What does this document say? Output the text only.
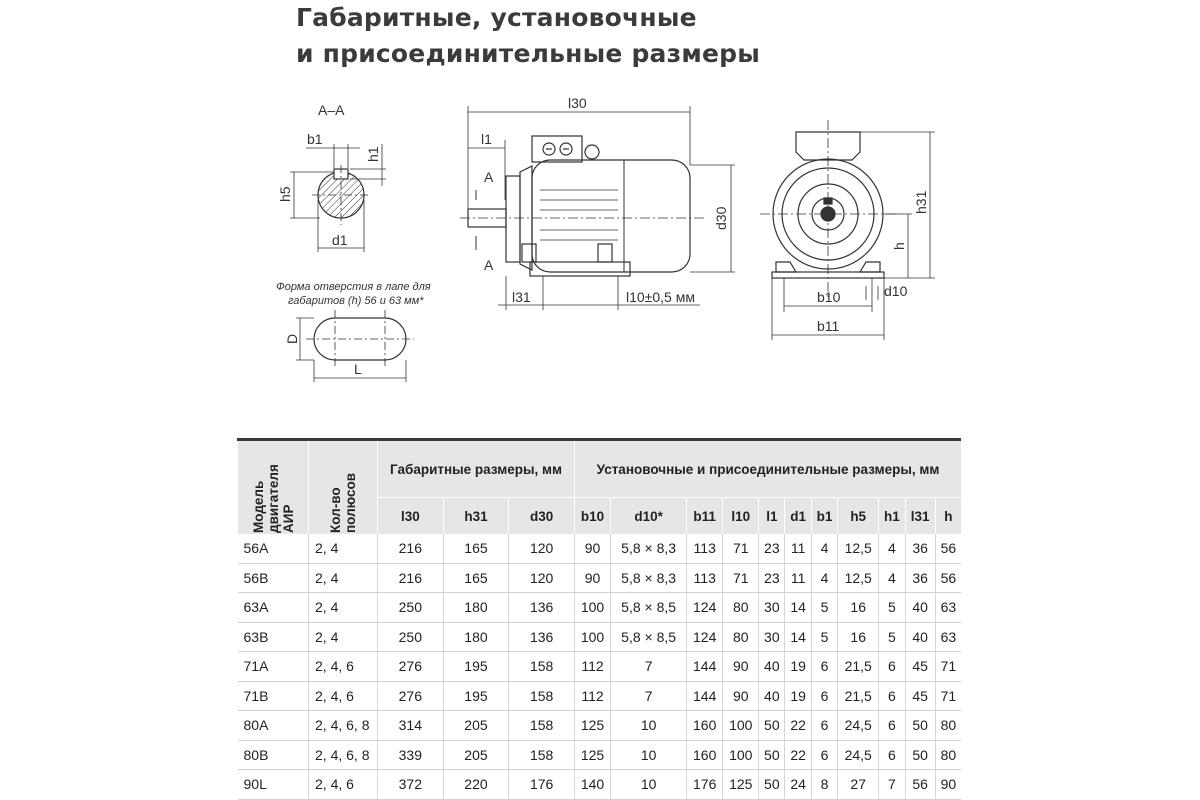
Габаритные, установочные
и присоединительные размеры
A–A
b1
h1
h5
d1
Форма отверстия в лапе для
габаритов (h) 56 и 63 мм*
D
L
l30
l1
A
A
d30
l31	l10±0,5 мм
h31
h
b10	d10
b11
Модель двигателя АИР	Кол-во полюсов	Габаритные размеры, мм			Установочные и присоединительные размеры, мм										
		l30	h31	d30	b10	d10*	b11	l10	l1	d1	b1	h5	h1	l31	h
56A	2, 4	216	165	120	90	5,8 × 8,3	113	71	23	11	4	12,5	4	36	56
56B	2, 4	216	165	120	90	5,8 × 8,3	113	71	23	11	4	12,5	4	36	56
63A	2, 4	250	180	136	100	5,8 × 8,5	124	80	30	14	5	16	5	40	63
63B	2, 4	250	180	136	100	5,8 × 8,5	124	80	30	14	5	16	5	40	63
71A	2, 4, 6	276	195	158	112	7	144	90	40	19	6	21,5	6	45	71
71B	2, 4, 6	276	195	158	112	7	144	90	40	19	6	21,5	6	45	71
80A	2, 4, 6, 8	314	205	158	125	10	160	100	50	22	6	24,5	6	50	80
80B	2, 4, 6, 8	339	205	158	125	10	160	100	50	22	6	24,5	6	50	80
90L	2, 4, 6	372	220	176	140	10	176	125	50	24	8	27	7	56	90
